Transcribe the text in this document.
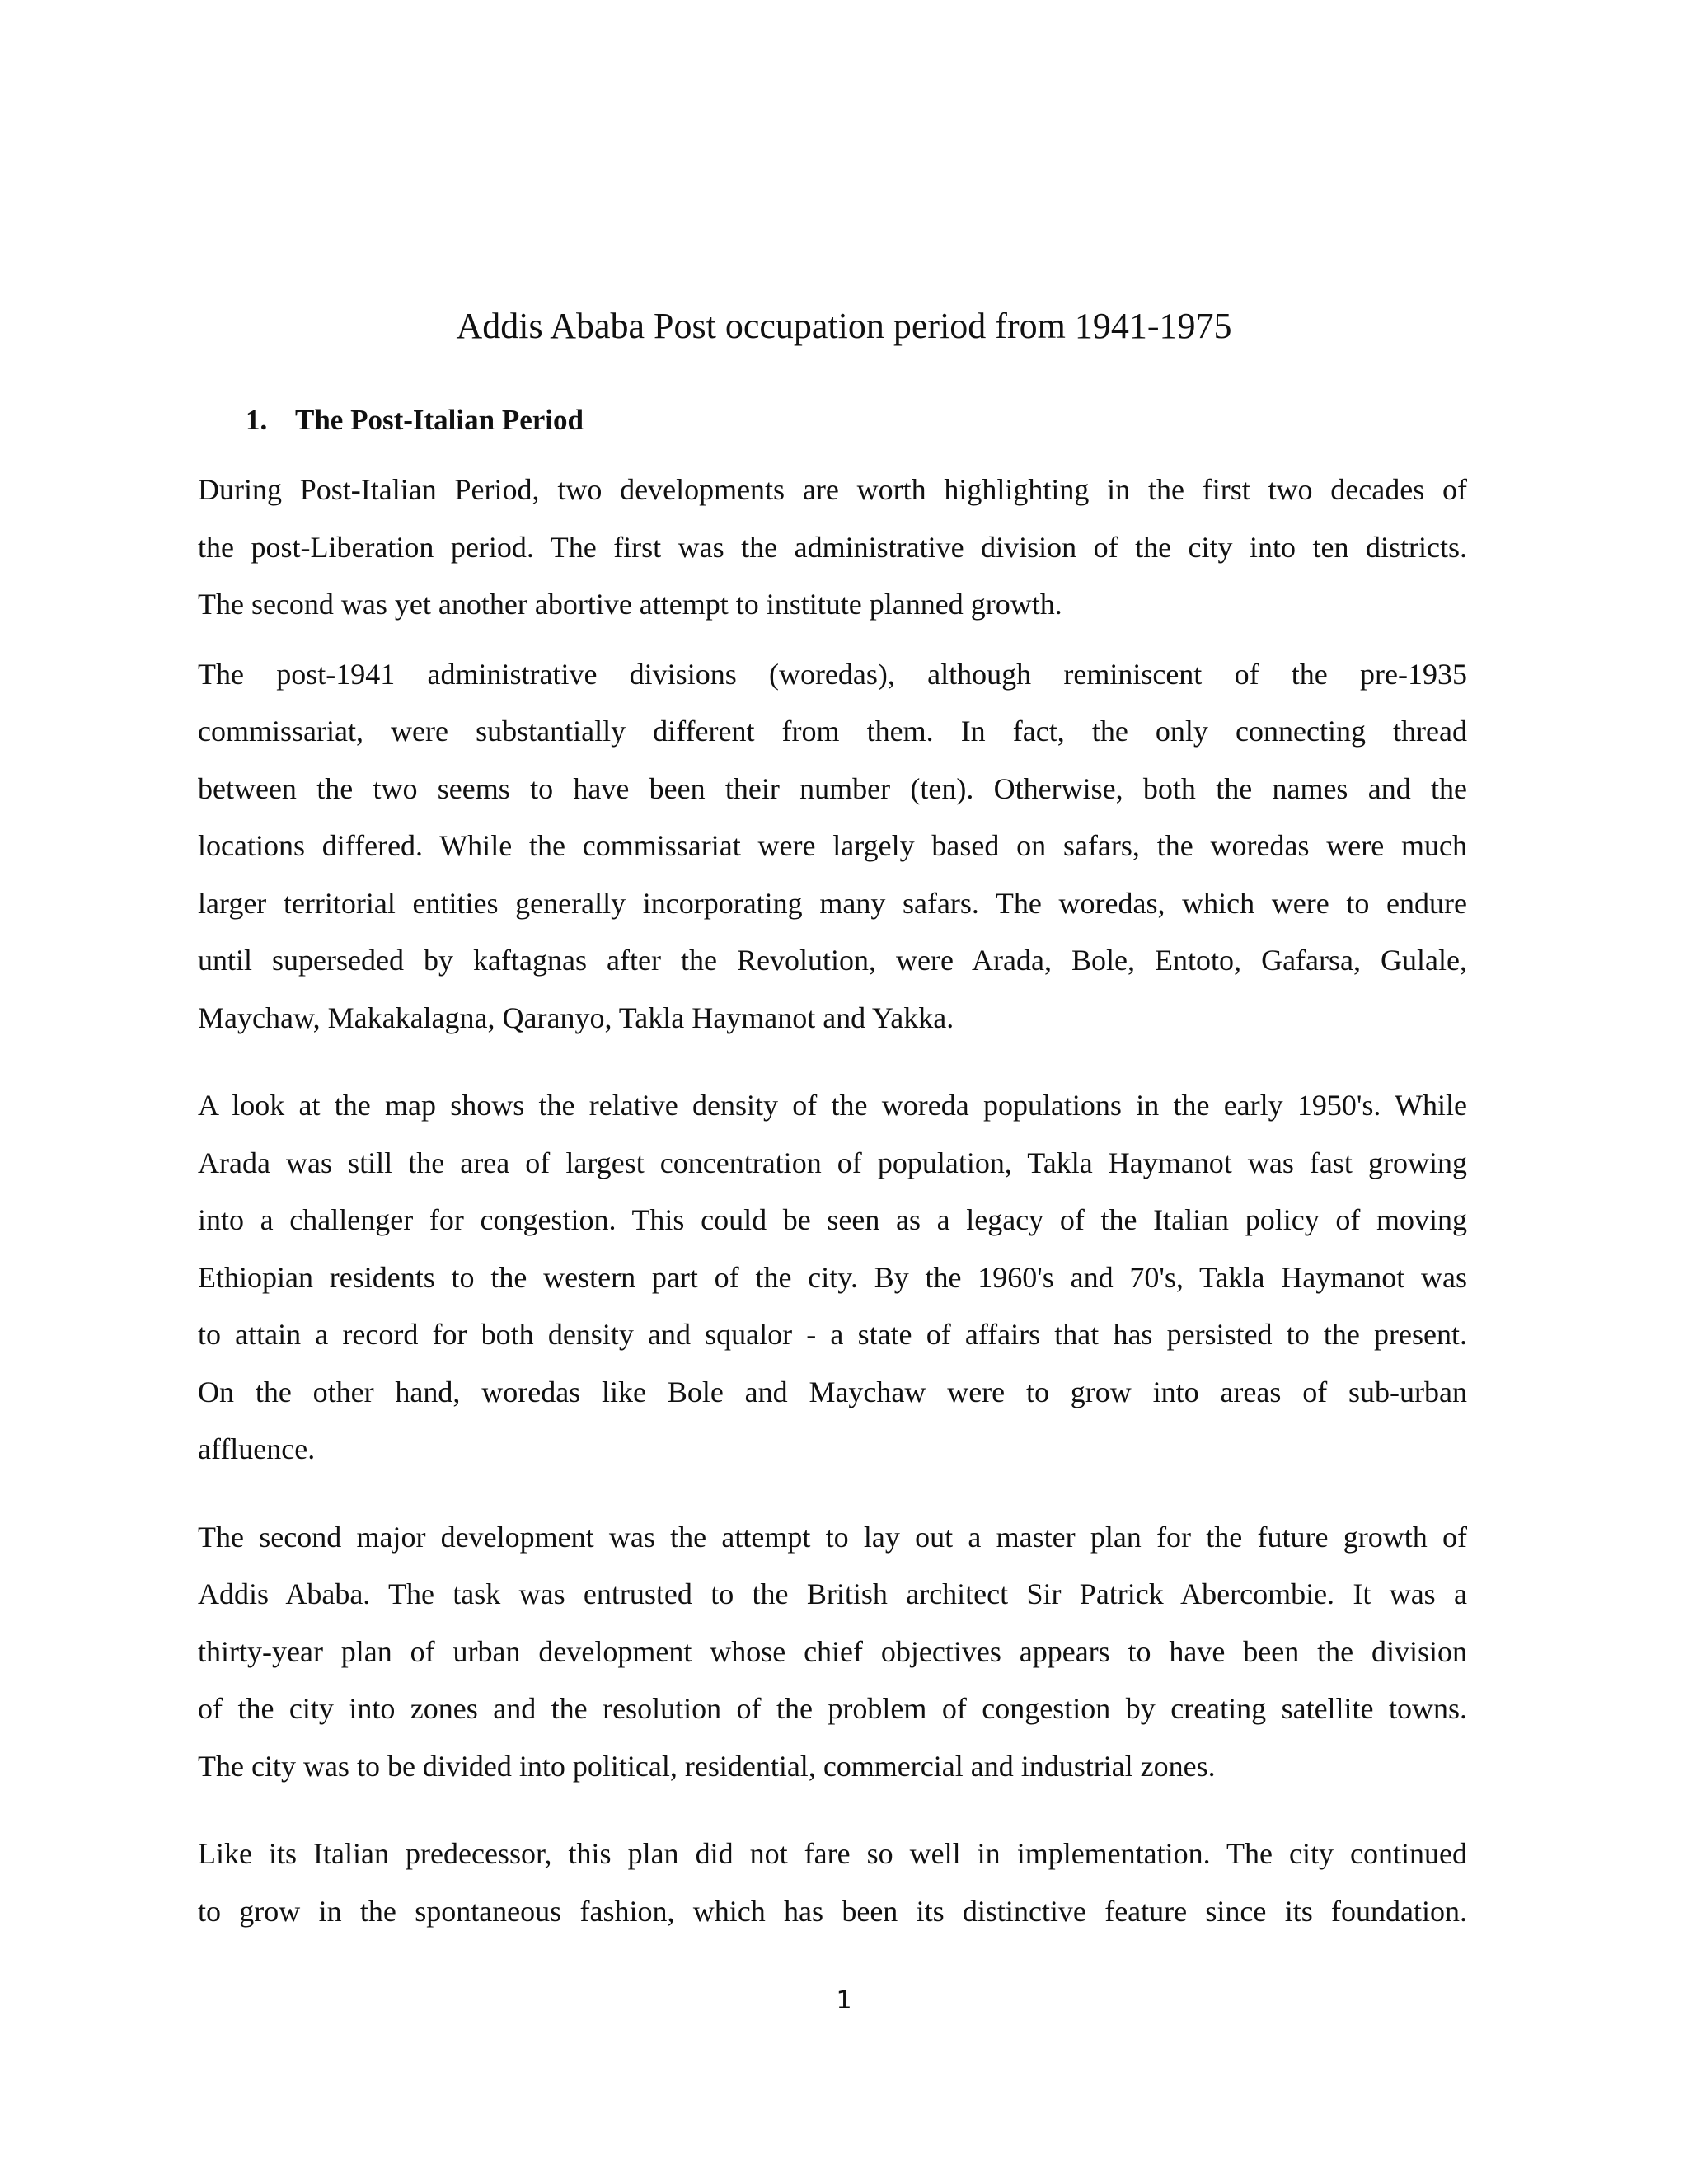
Addis Ababa Post occupation period from 1941-1975
1. The Post-Italian Period

During Post-Italian Period, two developments are worth highlighting in the first two decades of
the post-Liberation period. The first was the administrative division of the city into ten districts.
The second was yet another abortive attempt to institute planned growth.

The post-1941 administrative divisions (woredas), although reminiscent of the pre-1935
commissariat, were substantially different from them. In fact, the only connecting thread
between the two seems to have been their number (ten). Otherwise, both the names and the
locations differed. While the commissariat were largely based on safars, the woredas were much
larger territorial entities generally incorporating many safars. The woredas, which were to endure
until superseded by kaftagnas after the Revolution, were Arada, Bole, Entoto, Gafarsa, Gulale,
Maychaw, Makakalagna, Qaranyo, Takla Haymanot and Yakka.

A look at the map shows the relative density of the woreda populations in the early 1950's. While
Arada was still the area of largest concentration of population, Takla Haymanot was fast growing
into a challenger for congestion. This could be seen as a legacy of the Italian policy of moving
Ethiopian residents to the western part of the city. By the 1960's and 70's, Takla Haymanot was
to attain a record for both density and squalor - a state of affairs that has persisted to the present.
On the other hand, woredas like Bole and Maychaw were to grow into areas of sub-urban
affluence.

The second major development was the attempt to lay out a master plan for the future growth of
Addis Ababa. The task was entrusted to the British architect Sir Patrick Abercombie. It was a
thirty-year plan of urban development whose chief objectives appears to have been the division
of the city into zones and the resolution of the problem of congestion by creating satellite towns.
The city was to be divided into political, residential, commercial and industrial zones.

Like its Italian predecessor, this plan did not fare so well in implementation. The city continued
to grow in the spontaneous fashion, which has been its distinctive feature since its foundation.

1
